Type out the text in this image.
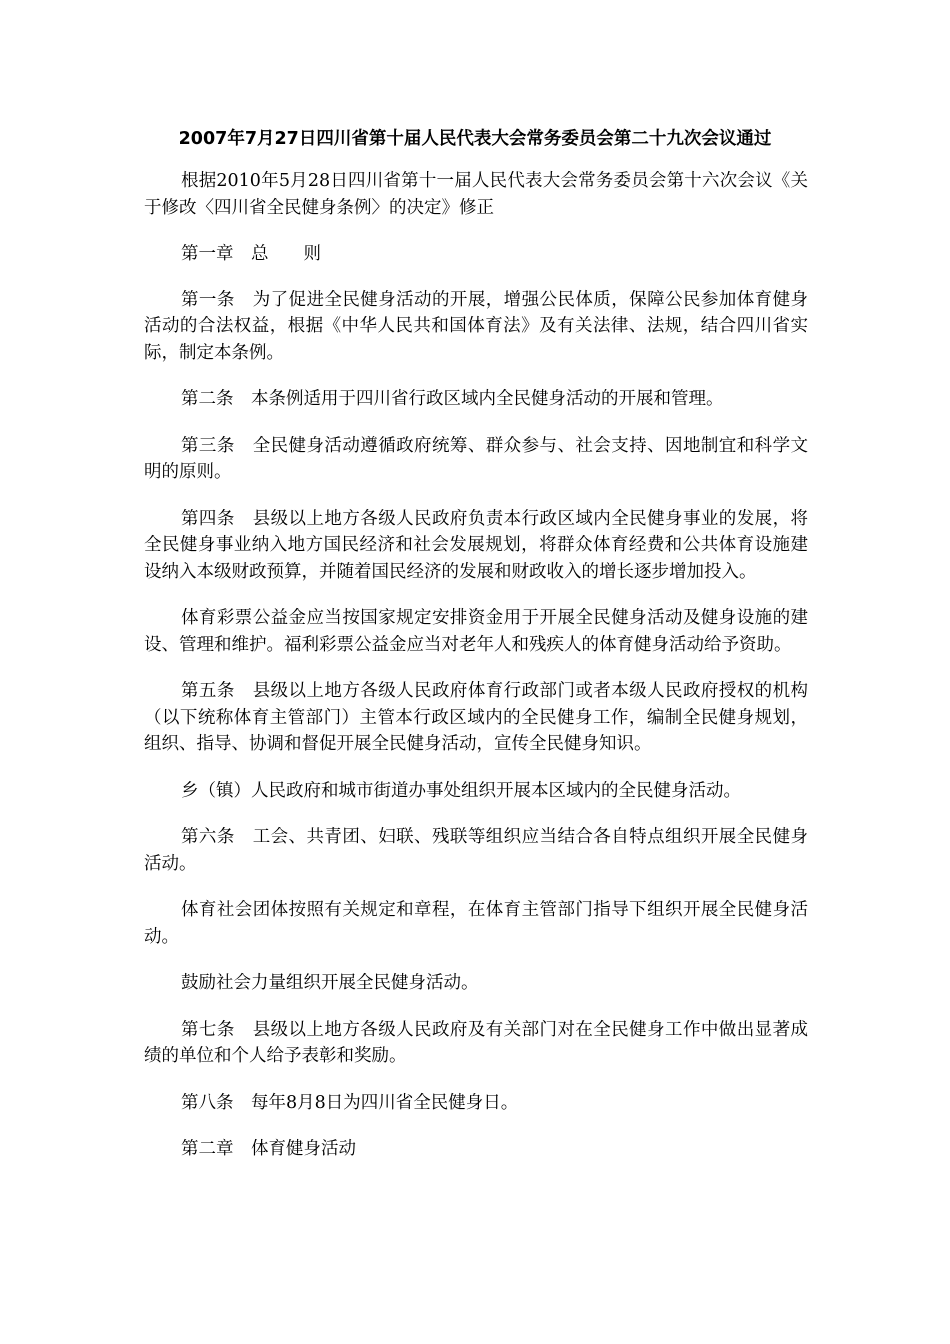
2007年7月27日四川省第十届人民代表大会常务委员会第二十九次会议通过

根据2010年5月28日四川省第十一届人民代表大会常务委员会第十六次会议《关于修改〈四川省全民健身条例〉的决定》修正

第一章　总　　则

第一条　为了促进全民健身活动的开展，增强公民体质，保障公民参加体育健身活动的合法权益，根据《中华人民共和国体育法》及有关法律、法规，结合四川省实际，制定本条例。

第二条　本条例适用于四川省行政区域内全民健身活动的开展和管理。

第三条　全民健身活动遵循政府统筹、群众参与、社会支持、因地制宜和科学文明的原则。

第四条　县级以上地方各级人民政府负责本行政区域内全民健身事业的发展，将全民健身事业纳入地方国民经济和社会发展规划，将群众体育经费和公共体育设施建设纳入本级财政预算，并随着国民经济的发展和财政收入的增长逐步增加投入。

体育彩票公益金应当按国家规定安排资金用于开展全民健身活动及健身设施的建设、管理和维护。福利彩票公益金应当对老年人和残疾人的体育健身活动给予资助。

第五条　县级以上地方各级人民政府体育行政部门或者本级人民政府授权的机构（以下统称体育主管部门）主管本行政区域内的全民健身工作，编制全民健身规划，组织、指导、协调和督促开展全民健身活动，宣传全民健身知识。

乡（镇）人民政府和城市街道办事处组织开展本区域内的全民健身活动。

第六条　工会、共青团、妇联、残联等组织应当结合各自特点组织开展全民健身活动。

体育社会团体按照有关规定和章程，在体育主管部门指导下组织开展全民健身活动。

鼓励社会力量组织开展全民健身活动。

第七条　县级以上地方各级人民政府及有关部门对在全民健身工作中做出显著成绩的单位和个人给予表彰和奖励。

第八条　每年8月8日为四川省全民健身日。

第二章　体育健身活动
